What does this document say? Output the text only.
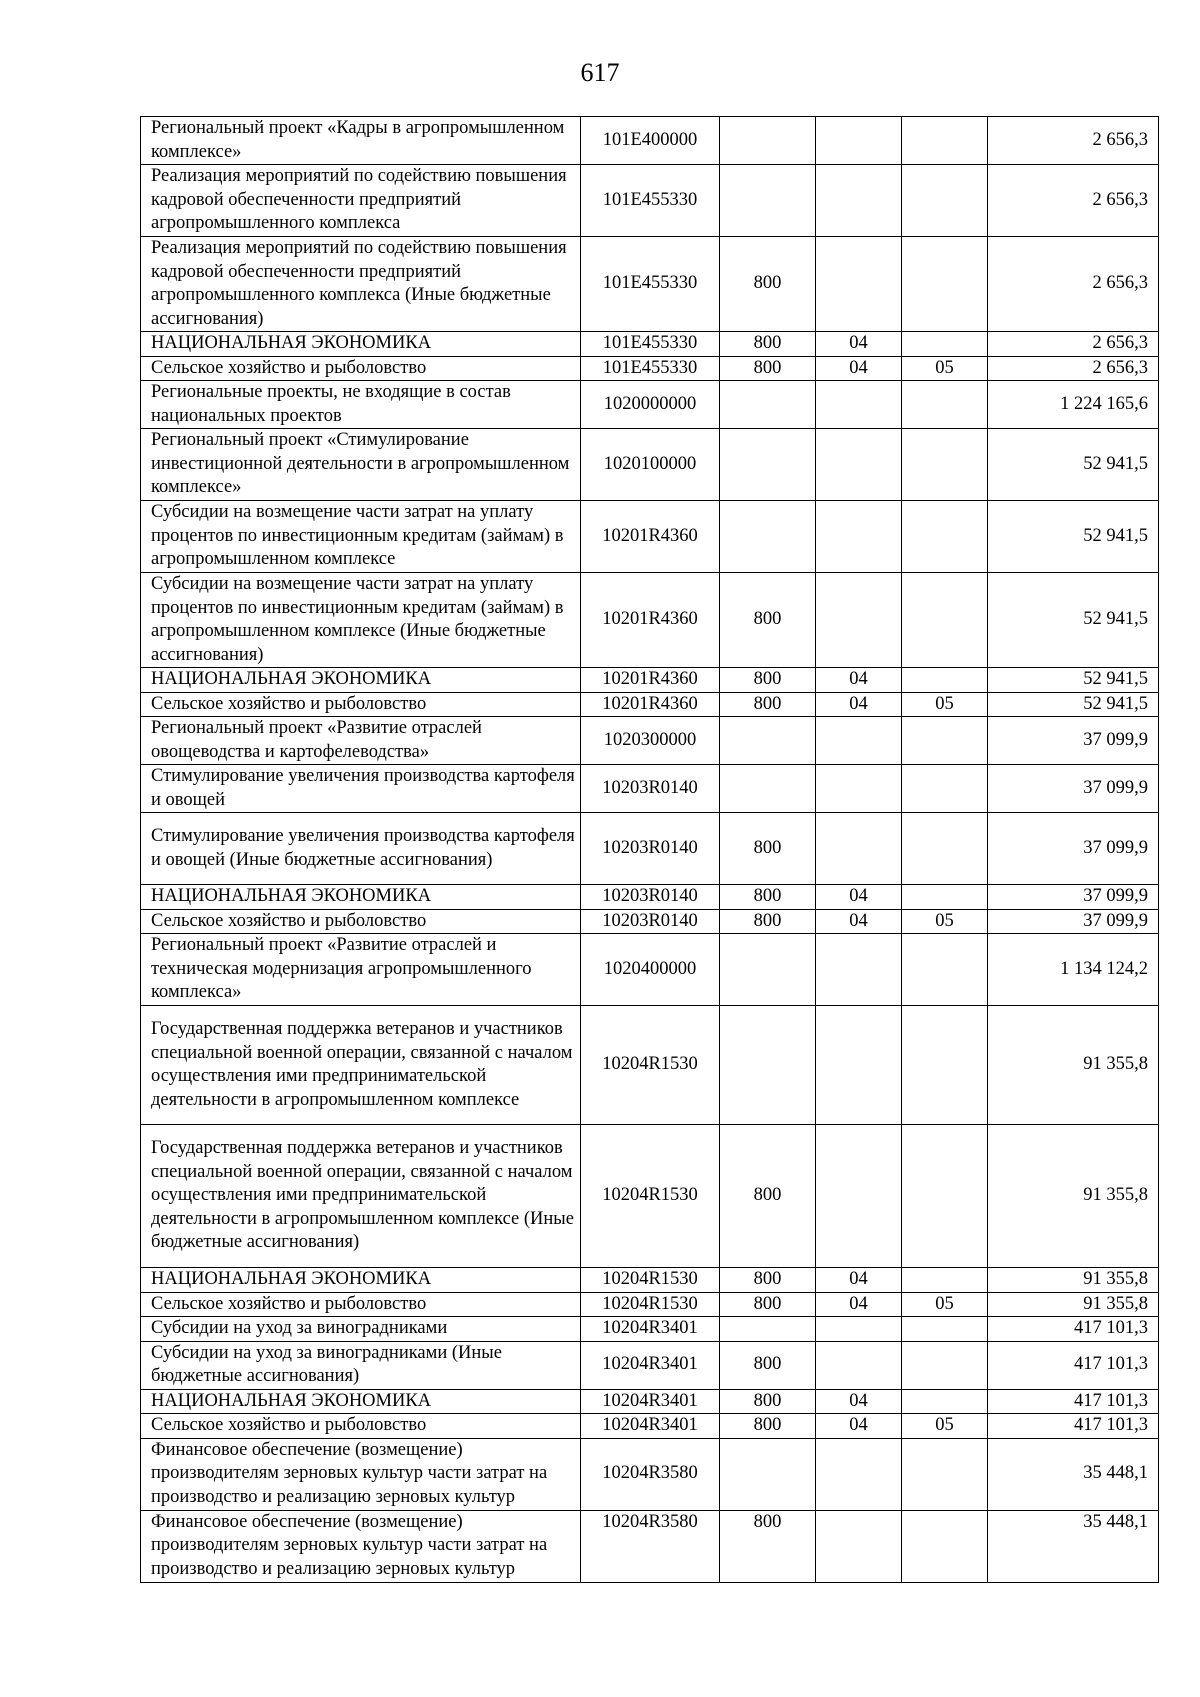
617
Региональный проект «Кадры в агропромышленном комплексе»	101Е400000				2 656,3
Реализация мероприятий по содействию повышения кадровой обеспеченности предприятий агропромышленного комплекса	101Е455330				2 656,3
Реализация мероприятий по содействию повышения кадровой обеспеченности предприятий агропромышленного комплекса (Иные бюджетные ассигнования)	101Е455330	800			2 656,3
НАЦИОНАЛЬНАЯ ЭКОНОМИКА	101Е455330	800	04		2 656,3
Сельское хозяйство и рыболовство	101Е455330	800	04	05	2 656,3
Региональные проекты, не входящие в состав национальных проектов	1020000000				1 224 165,6
Региональный проект «Стимулирование инвестиционной деятельности в агропромышленном комплексе»	1020100000				52 941,5
Субсидии на возмещение части затрат на уплату процентов по инвестиционным кредитам (займам) в агропромышленном комплексе	10201R4360				52 941,5
Субсидии на возмещение части затрат на уплату процентов по инвестиционным кредитам (займам) в агропромышленном комплексе (Иные бюджетные ассигнования)	10201R4360	800			52 941,5
НАЦИОНАЛЬНАЯ ЭКОНОМИКА	10201R4360	800	04		52 941,5
Сельское хозяйство и рыболовство	10201R4360	800	04	05	52 941,5
Региональный проект «Развитие отраслей овощеводства и картофелеводства»	1020300000				37 099,9
Стимулирование увеличения производства картофеля и овощей	10203R0140				37 099,9
Стимулирование увеличения производства картофеля и овощей (Иные бюджетные ассигнования)	10203R0140	800			37 099,9
НАЦИОНАЛЬНАЯ ЭКОНОМИКА	10203R0140	800	04		37 099,9
Сельское хозяйство и рыболовство	10203R0140	800	04	05	37 099,9
Региональный проект «Развитие отраслей и техническая модернизация агропромышленного комплекса»	1020400000				1 134 124,2
Государственная поддержка ветеранов и участников специальной военной операции, связанной с началом осуществления ими предпринимательской деятельности в агропромышленном комплексе	10204R1530				91 355,8
Государственная поддержка ветеранов и участников специальной военной операции, связанной с началом осуществления ими предпринимательской деятельности в агропромышленном комплексе (Иные бюджетные ассигнования)	10204R1530	800			91 355,8
НАЦИОНАЛЬНАЯ ЭКОНОМИКА	10204R1530	800	04		91 355,8
Сельское хозяйство и рыболовство	10204R1530	800	04	05	91 355,8
Субсидии на уход за виноградниками	10204R3401				417 101,3
Субсидии на уход за виноградниками (Иные бюджетные ассигнования)	10204R3401	800			417 101,3
НАЦИОНАЛЬНАЯ ЭКОНОМИКА	10204R3401	800	04		417 101,3
Сельское хозяйство и рыболовство	10204R3401	800	04	05	417 101,3
Финансовое обеспечение (возмещение) производителям зерновых культур части затрат на производство и реализацию зерновых культур	10204R3580				35 448,1
Финансовое обеспечение (возмещение) производителям зерновых культур части затрат на производство и реализацию зерновых культур	10204R3580	800			35 448,1
